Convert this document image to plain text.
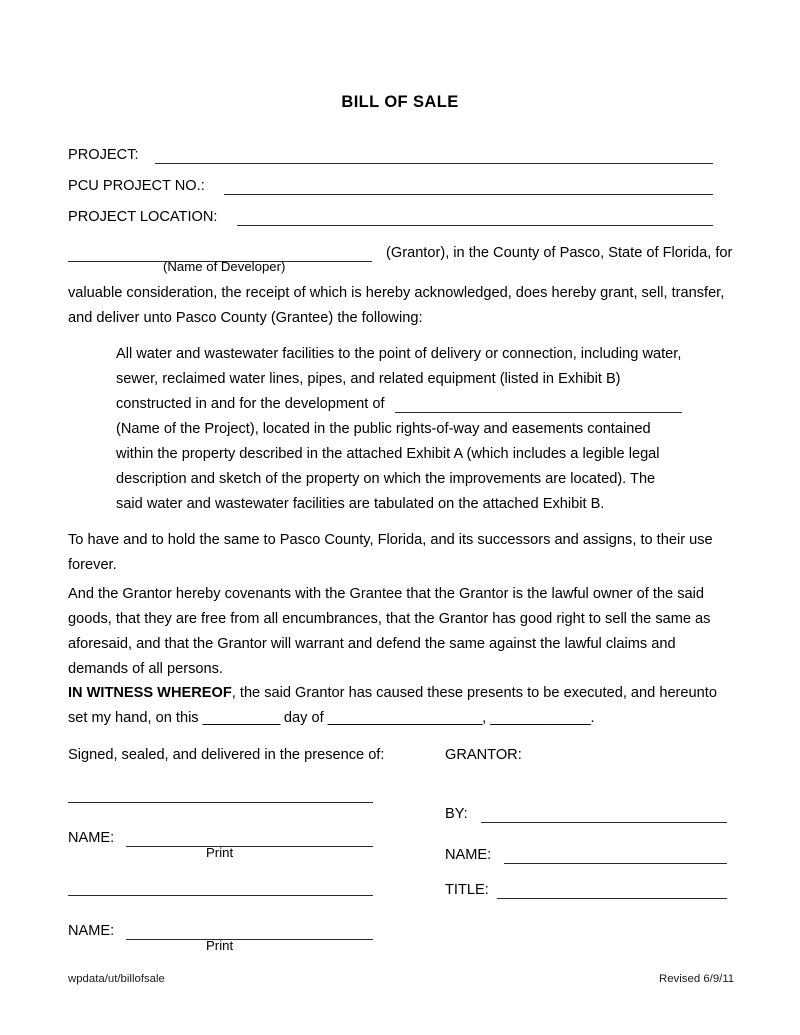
BILL OF SALE
PROJECT:
PCU PROJECT NO.:
PROJECT LOCATION:
(Name of Developer)
(Grantor), in the County of Pasco, State of Florida, for
valuable consideration, the receipt of which is hereby acknowledged, does hereby grant, sell, transfer,
and deliver unto Pasco County (Grantee) the following:
All water and wastewater facilities to the point of delivery or connection, including water,
sewer, reclaimed water lines, pipes, and related equipment (listed in Exhibit B)
constructed in and for the development of
(Name of the Project), located in the public rights-of-way and easements contained
within the property described in the attached Exhibit A (which includes a legible legal
description and sketch of the property on which the improvements are located). The
said water and wastewater facilities are tabulated on the attached Exhibit B.
To have and to hold the same to Pasco County, Florida, and its successors and assigns, to their use
forever.
And the Grantor hereby covenants with the Grantee that the Grantor is the lawful owner of the said
goods, that they are free from all encumbrances, that the Grantor has good right to sell the same as
aforesaid, and that the Grantor will warrant and defend the same against the lawful claims and
demands of all persons.
IN WITNESS WHEREOF, the said Grantor has caused these presents to be executed, and hereunto
set my hand, on this __________ day of ____________________, _____________.
Signed, sealed, and delivered in the presence of:	GRANTOR:
NAME:
Print
NAME:
Print
BY:
NAME:
TITLE:
wpdata/ut/billofsale	Revised 6/9/11
